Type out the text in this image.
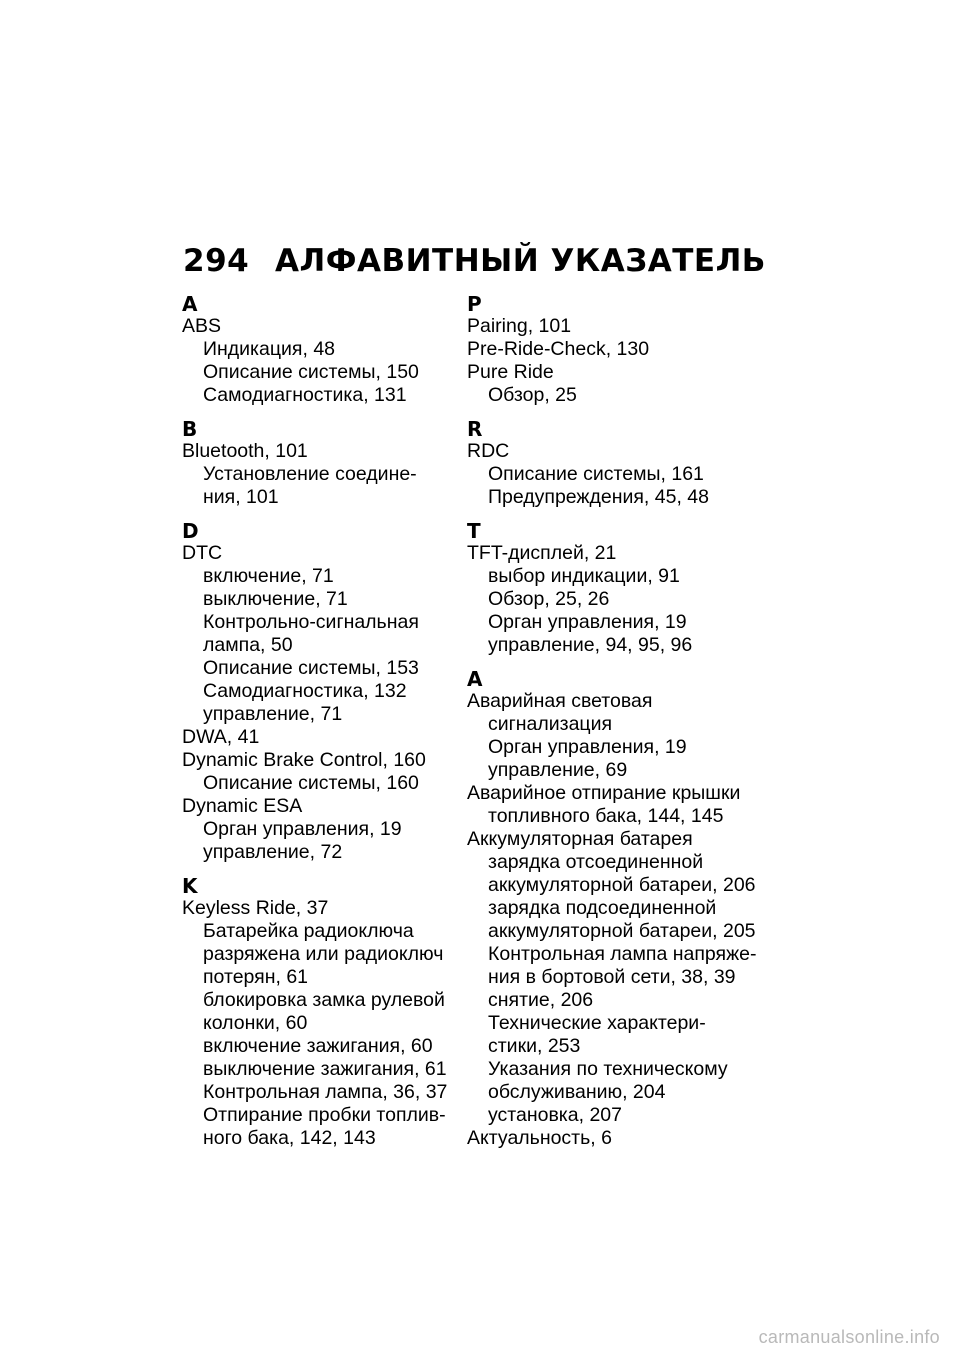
294 АЛФАВИТНЫЙ УКАЗАТЕЛЬ
A
ABS
Индикация, 48
Описание системы, 150
Самодиагностика, 131
B
Bluetooth, 101
Установление соедине-
ния, 101
D
DTC
включение, 71
выключение, 71
Контрольно-сигнальная
лампа, 50
Описание системы, 153
Самодиагностика, 132
управление, 71
DWA, 41
Dynamic Brake Control, 160
Описание системы, 160
Dynamic ESA
Орган управления, 19
управление, 72
K
Keyless Ride, 37
Батарейка радиоключа
разряжена или радиоключ
потерян, 61
блокировка замка рулевой
колонки, 60
включение зажигания, 60
выключение зажигания, 61
Контрольная лампа, 36, 37
Отпирание пробки топлив-
ного бака, 142, 143
P
Pairing, 101
Pre-Ride-Check, 130
Pure Ride
Обзор, 25
R
RDC
Описание системы, 161
Предупреждения, 45, 48
T
TFT-дисплей, 21
выбор индикации, 91
Обзор, 25, 26
Орган управления, 19
управление, 94, 95, 96
А
Аварийная световая
сигнализация
Орган управления, 19
управление, 69
Аварийное отпирание крышки
топливного бака, 144, 145
Аккумуляторная батарея
зарядка отсоединенной
аккумуляторной батареи, 206
зарядка подсоединенной
аккумуляторной батареи, 205
Контрольная лампа напряже-
ния в бортовой сети, 38, 39
снятие, 206
Технические характери-
стики, 253
Указания по техническому
обслуживанию, 204
установка, 207
Актуальность, 6
carmanualsonline.info
